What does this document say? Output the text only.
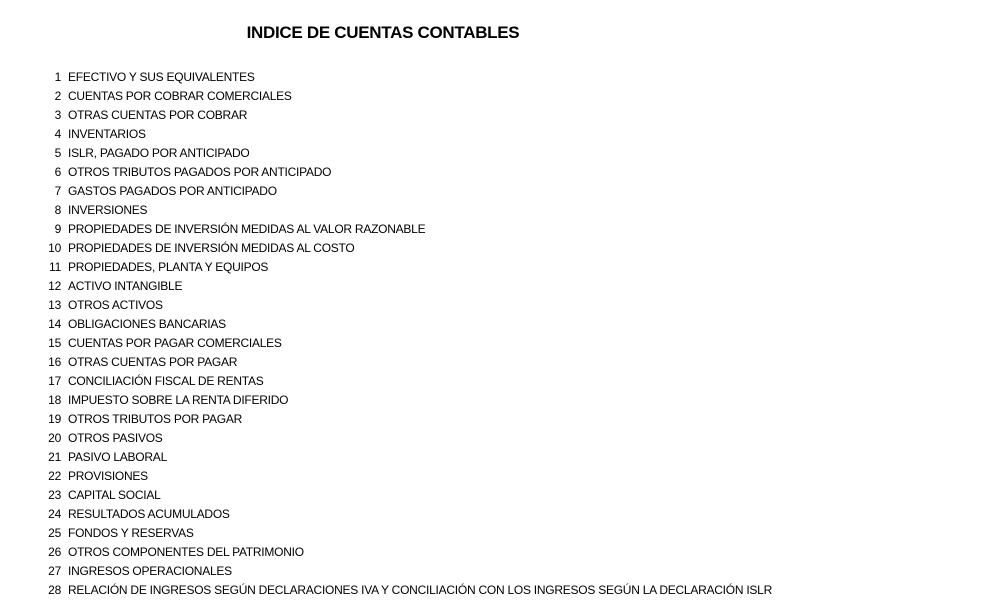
INDICE DE CUENTAS CONTABLES
1 EFECTIVO Y SUS EQUIVALENTES
2 CUENTAS POR COBRAR COMERCIALES
3 OTRAS CUENTAS POR COBRAR
4 INVENTARIOS
5 ISLR, PAGADO POR ANTICIPADO
6 OTROS TRIBUTOS PAGADOS POR ANTICIPADO
7 GASTOS PAGADOS POR ANTICIPADO
8 INVERSIONES
9 PROPIEDADES DE INVERSIÓN MEDIDAS AL VALOR RAZONABLE
10 PROPIEDADES DE INVERSIÓN MEDIDAS AL COSTO
11 PROPIEDADES, PLANTA Y EQUIPOS
12 ACTIVO INTANGIBLE
13 OTROS ACTIVOS
14 OBLIGACIONES BANCARIAS
15 CUENTAS POR PAGAR COMERCIALES
16 OTRAS CUENTAS POR PAGAR
17 CONCILIACIÓN FISCAL DE RENTAS
18 IMPUESTO SOBRE LA RENTA DIFERIDO
19 OTROS TRIBUTOS POR PAGAR
20 OTROS PASIVOS
21 PASIVO LABORAL
22 PROVISIONES
23 CAPITAL SOCIAL
24 RESULTADOS ACUMULADOS
25 FONDOS Y RESERVAS
26 OTROS COMPONENTES DEL PATRIMONIO
27 INGRESOS OPERACIONALES
28 RELACIÓN DE INGRESOS SEGÚN DECLARACIONES IVA Y CONCILIACIÓN CON LOS INGRESOS SEGÚN LA DECLARACIÓN ISLR
